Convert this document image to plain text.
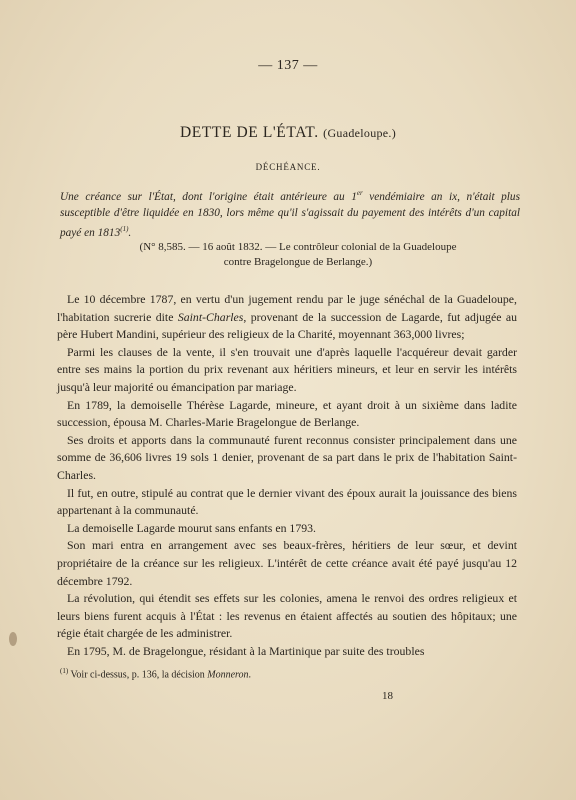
— 137 —
DETTE DE L'ÉTAT. (Guadeloupe.)
DÉCHÉANCE.

Une créance sur l'État, dont l'origine était antérieure au 1er vendémiaire an ix, n'était plus susceptible d'être liquidée en 1830, lors même qu'il s'agissait du payement des intérêts d'un capital payé en 1813$^{(1)}$.

(N° 8,585. — 16 août 1832. — Le contrôleur colonial de la Guadeloupe
contre Bragelongue de Berlange.)

Le 10 décembre 1787, en vertu d'un jugement rendu par le juge sénéchal de la Guadeloupe, l'habitation sucrerie dite Saint-Charles, provenant de la succession de Lagarde, fut adjugée au père Hubert Mandini, supérieur des religieux de la Charité, moyennant 363,000 livres;

Parmi les clauses de la vente, il s'en trouvait une d'après laquelle l'acquéreur devait garder entre ses mains la portion du prix revenant aux héritiers mineurs, et leur en servir les intérêts jusqu'à leur majorité ou émancipation par mariage.

En 1789, la demoiselle Thérèse Lagarde, mineure, et ayant droit à un sixième dans ladite succession, épousa M. Charles-Marie Bragelongue de Berlange.

Ses droits et apports dans la communauté furent reconnus consister principalement dans une somme de 36,606 livres 19 sols 1 denier, provenant de sa part dans le prix de l'habitation Saint-Charles.

Il fut, en outre, stipulé au contrat que le dernier vivant des époux aurait la jouissance des biens appartenant à la communauté.

La demoiselle Lagarde mourut sans enfants en 1793.

Son mari entra en arrangement avec ses beaux-frères, héritiers de leur sœur, et devint propriétaire de la créance sur les religieux. L'intérêt de cette créance avait été payé jusqu'au 12 décembre 1792.

La révolution, qui étendit ses effets sur les colonies, amena le renvoi des ordres religieux et leurs biens furent acquis à l'État : les revenus en étaient affectés au soutien des hôpitaux; une régie était chargée de les administrer.

En 1795, M. de Bragelongue, résidant à la Martinique par suite des troubles

$^{(1)}$ Voir ci-dessus, p. 136, la décision Monneron.
18
